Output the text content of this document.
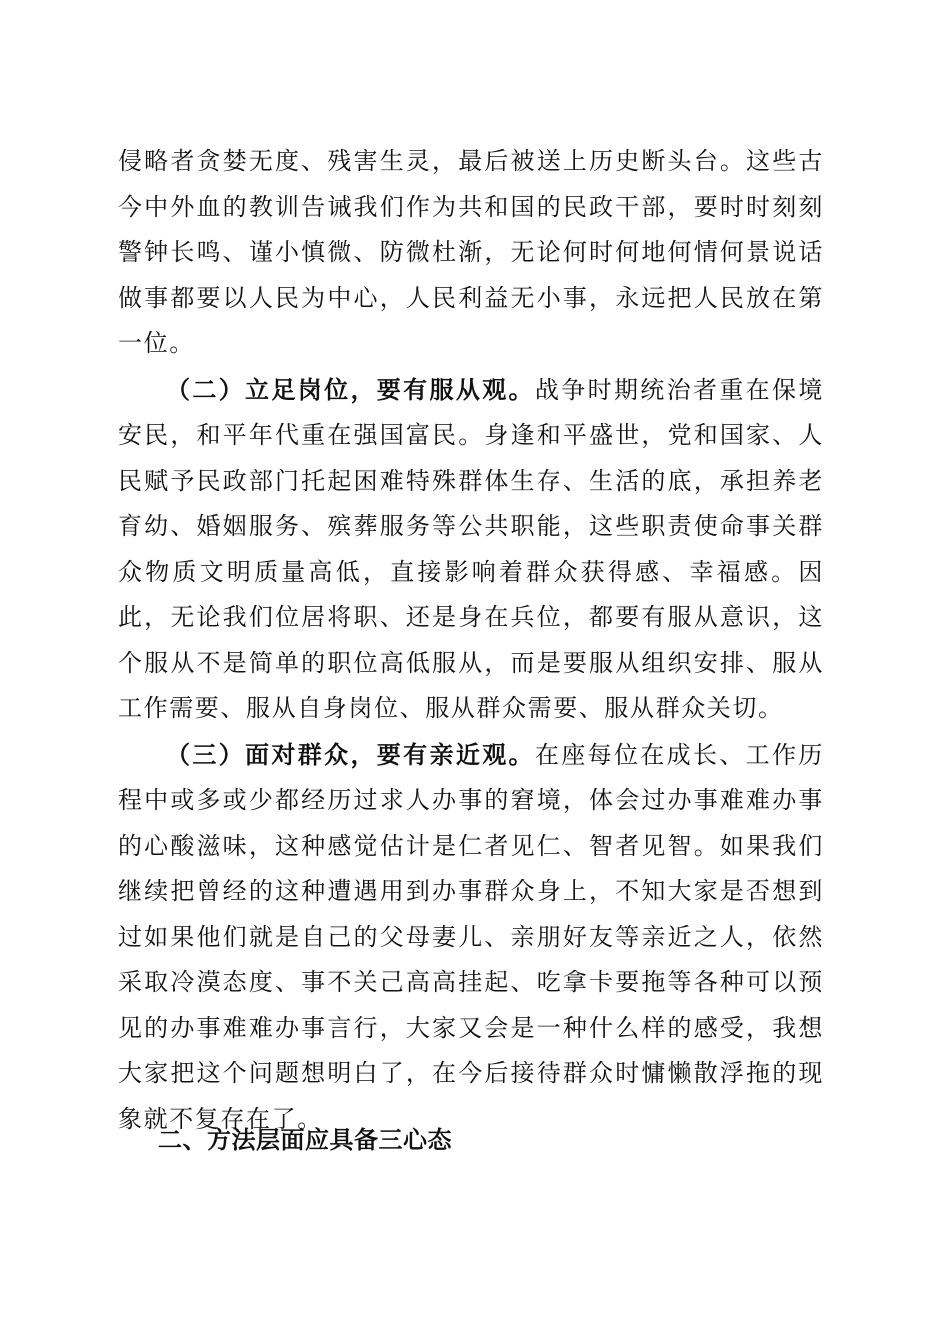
侵略者贪婪无度、残害生灵，最后被送上历史断头台。这些古今中外血的教训告诫我们作为共和国的民政干部，要时时刻刻警钟长鸣、谨小慎微、防微杜渐，无论何时何地何情何景说话做事都要以人民为中心，人民利益无小事，永远把人民放在第一位。

（二）立足岗位，要有服从观。战争时期统治者重在保境安民，和平年代重在强国富民。身逢和平盛世，党和国家、人民赋予民政部门托起困难特殊群体生存、生活的底，承担养老育幼、婚姻服务、殡葬服务等公共职能，这些职责使命事关群众物质文明质量高低，直接影响着群众获得感、幸福感。因此，无论我们位居将职、还是身在兵位，都要有服从意识，这个服从不是简单的职位高低服从，而是要服从组织安排、服从工作需要、服从自身岗位、服从群众需要、服从群众关切。

（三）面对群众，要有亲近观。在座每位在成长、工作历程中或多或少都经历过求人办事的窘境，体会过办事难难办事的心酸滋味，这种感觉估计是仁者见仁、智者见智。如果我们继续把曾经的这种遭遇用到办事群众身上，不知大家是否想到过如果他们就是自己的父母妻儿、亲朋好友等亲近之人，依然采取冷漠态度、事不关己高高挂起、吃拿卡要拖等各种可以预见的办事难难办事言行，大家又会是一种什么样的感受，我想大家把这个问题想明白了，在今后接待群众时慵懒散浮拖的现象就不复存在了。

二、方法层面应具备三心态
